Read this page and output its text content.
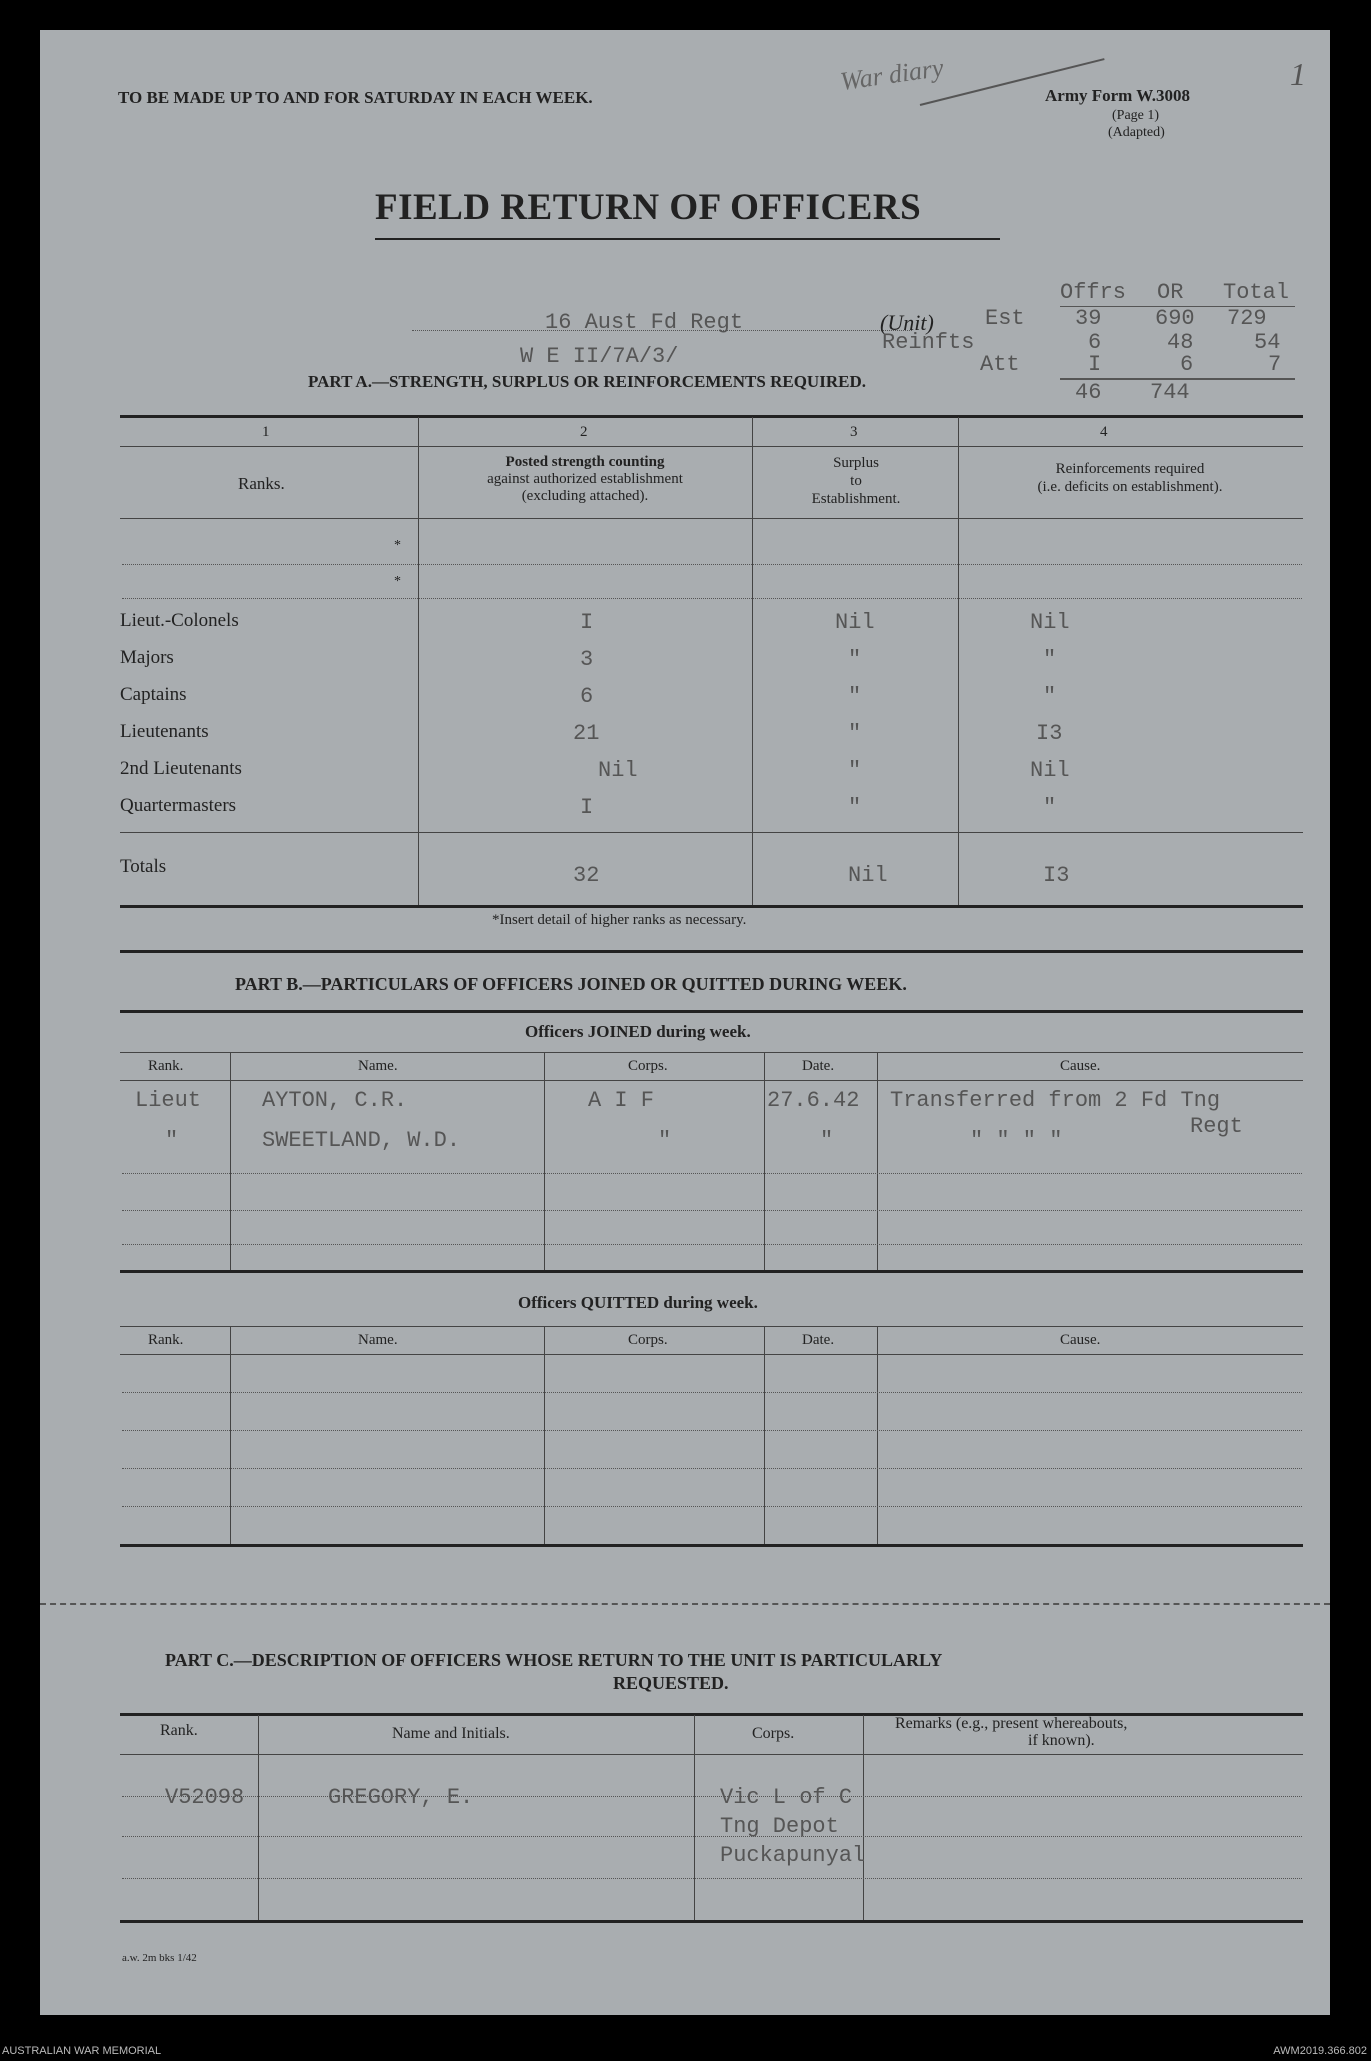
TO BE MADE UP TO AND FOR SATURDAY IN EACH WEEK.	Army Form W.3008
(Page 1)
(Adapted)
War diary	1
FIELD RETURN OF OFFICERS
16 Aust Fd Regt	(Unit)
W E II/7A/3/
Offrs OR Total
Est 39 690 729
Reinfts	6	48	54
Att	I	6	7
46 744
PART A.—STRENGTH, SURPLUS OR REINFORCEMENTS REQUIRED.
1	2	3	4
Ranks.
Posted strength counting
against authorized establishment
(excluding attached).
Surplus
to
Establishment.
Reinforcements required
(i.e. deficits on establishment).
*
*
Lieut.-Colonels	I	Nil	Nil
Majors	3	"	"
Captains	6	"	"
Lieutenants	21	"	I3
2nd Lieutenants	Nil	"	Nil
Quartermasters	I	"	"
Totals	32	Nil	I3
*Insert detail of higher ranks as necessary.
PART B.—PARTICULARS OF OFFICERS JOINED OR QUITTED DURING WEEK.
Officers JOINED during week.
Rank.	Name.	Corps.	Date.	Cause.
Lieut	AYTON, C.R.	A I F	27.6.42 Transferred from 2 Fd Tng
Regt
"	SWEETLAND, W.D.	"	"	" " " "
Officers QUITTED during week.
Rank.	Name.	Corps.	Date.	Cause.
PART C.—DESCRIPTION OF OFFICERS WHOSE RETURN TO THE UNIT IS PARTICULARLY
REQUESTED.
Rank.	Name and Initials.	Corps.
Remarks (e.g., present whereabouts,
if known).
V52098	GREGORY, E.	Vic L of C
Tng Depot
Puckapunyal
a.w. 2m bks 1/42
AUSTRALIAN WAR MEMORIAL	AWM2019.366.802
